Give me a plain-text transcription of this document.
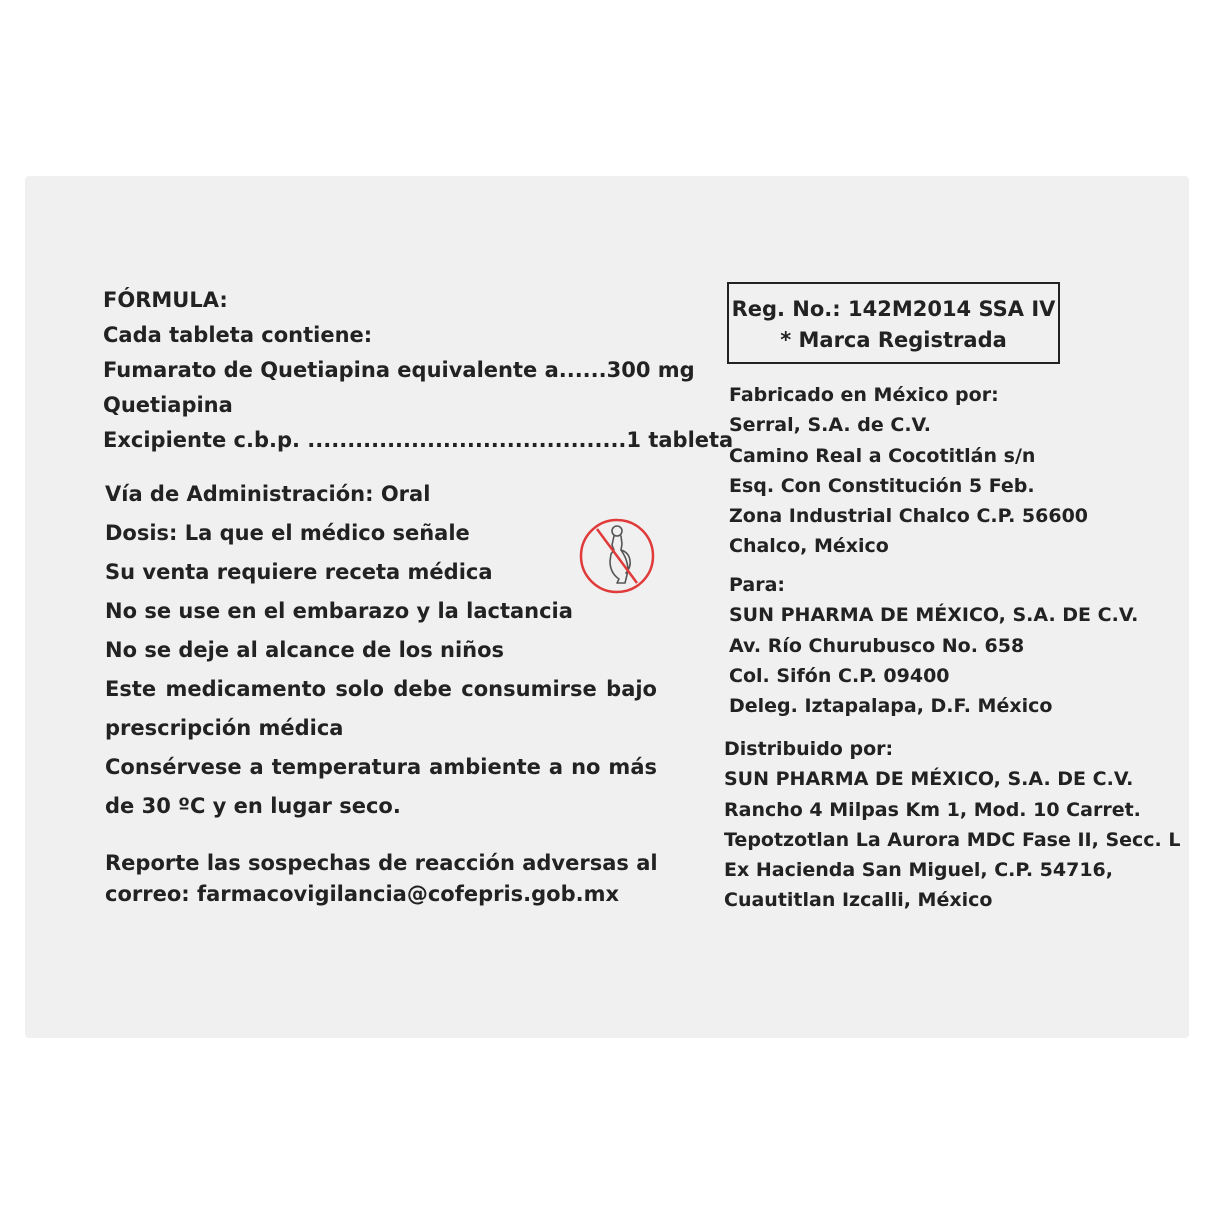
FÓRMULA:
Cada tableta contiene:
Fumarato de Quetiapina equivalente a......300 mg
Quetiapina
Excipiente c.b.p. ........................................1 tableta
Vía de Administración: Oral
Dosis: La que el médico señale
Su venta requiere receta médica
No se use en el embarazo y la lactancia
No se deje al alcance de los niños
Este medicamento solo debe consumirse bajo
prescripción médica
Consérvese a temperatura ambiente a no más
de 30 ºC y en lugar seco.
Reporte las sospechas de reacción adversas al
correo: farmacovigilancia@cofepris.gob.mx
Reg. No.: 142M2014 SSA IV
* Marca Registrada
Fabricado en México por:
Serral, S.A. de C.V.
Camino Real a Cocotitlán s/n
Esq. Con Constitución 5 Feb.
Zona Industrial Chalco C.P. 56600
Chalco, México
Para:
SUN PHARMA DE MÉXICO, S.A. DE C.V.
Av. Río Churubusco No. 658
Col. Sifón C.P. 09400
Deleg. Iztapalapa, D.F. México
Distribuido por:
SUN PHARMA DE MÉXICO, S.A. DE C.V.
Rancho 4 Milpas Km 1, Mod. 10 Carret.
Tepotzotlan La Aurora MDC Fase II, Secc. L
Ex Hacienda San Miguel, C.P. 54716,
Cuautitlan Izcalli, México
